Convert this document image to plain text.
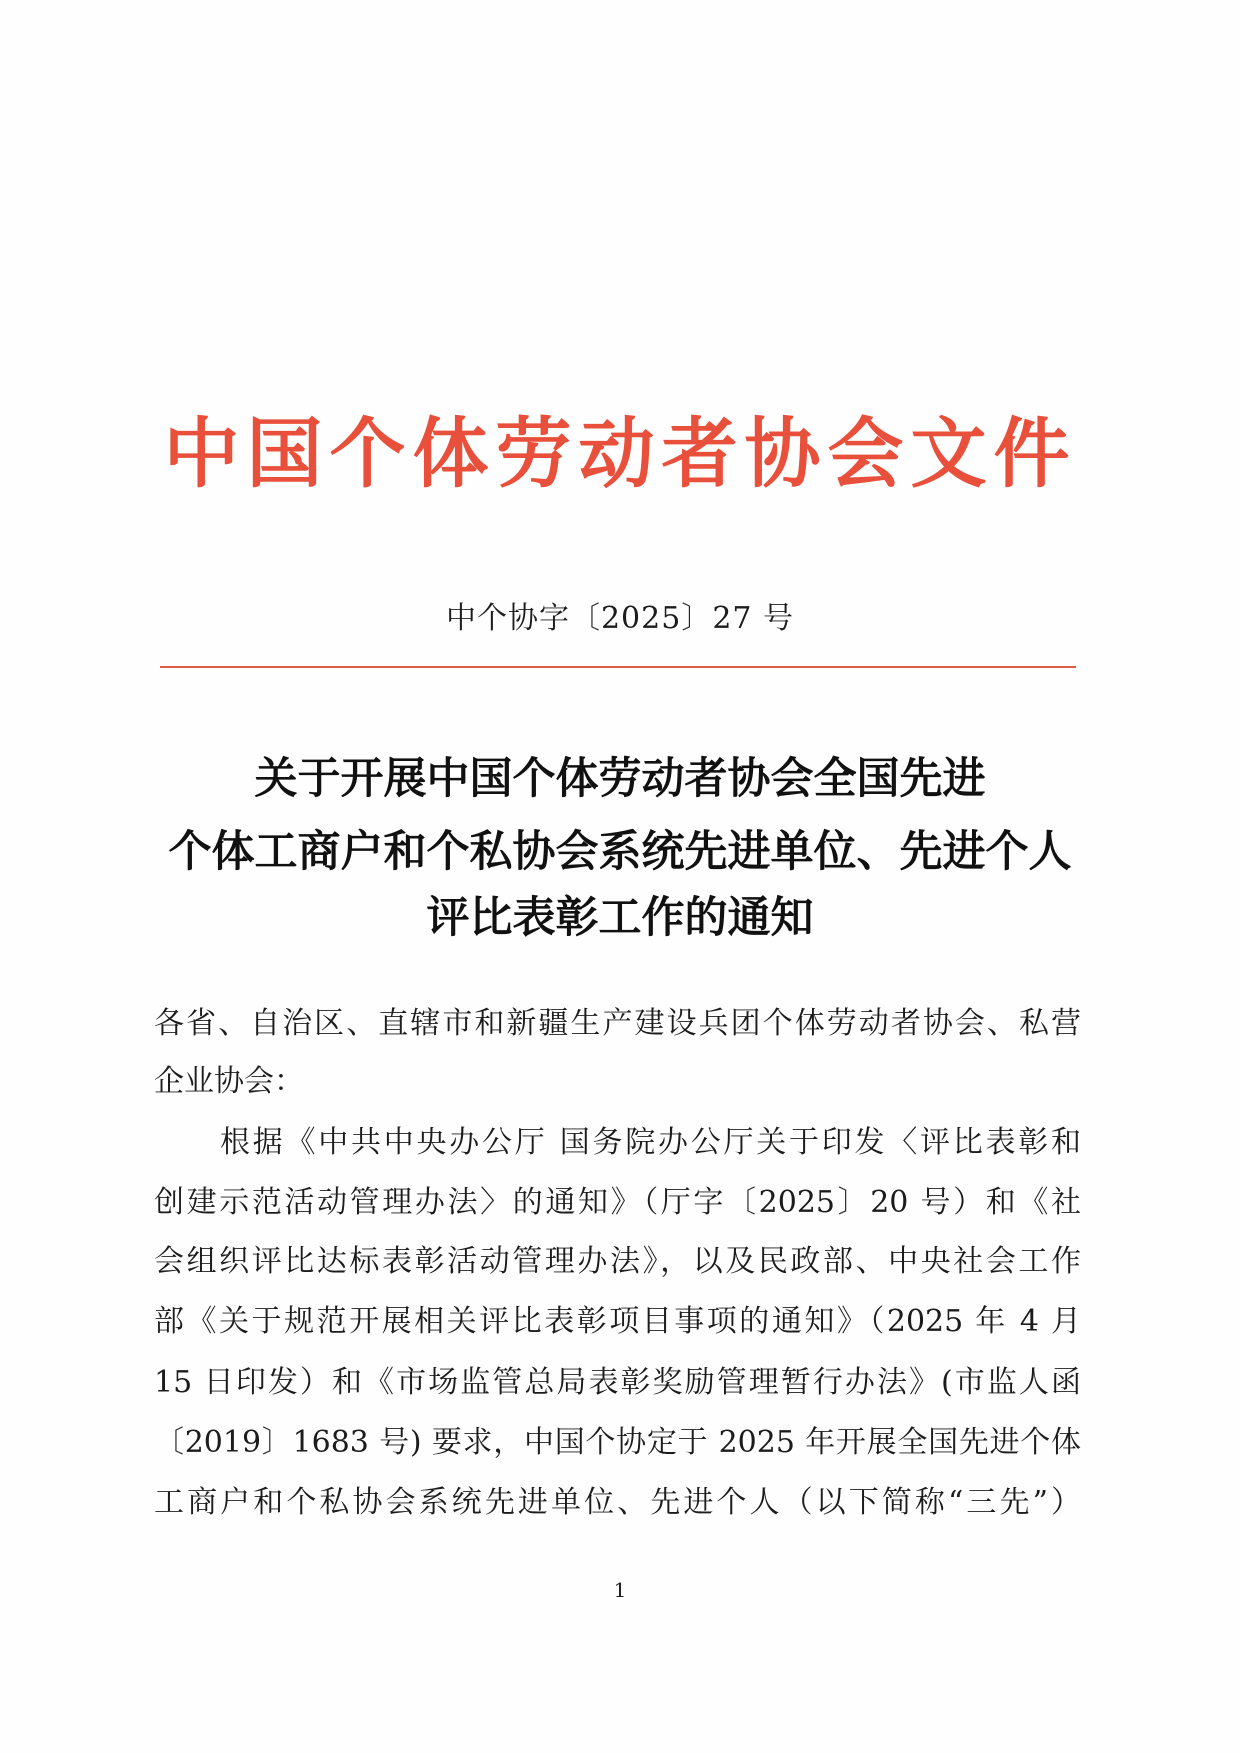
中国个体劳动者协会文件
中个协字〔2025〕27 号
关于开展中国个体劳动者协会全国先进
个体工商户和个私协会系统先进单位、先进个人
评比表彰工作的通知
各省、自治区、直辖市和新疆生产建设兵团个体劳动者协会、私营
企业协会：
根据《中共中央办公厅 国务院办公厅关于印发〈评比表彰和
创建示范活动管理办法〉的通知》（厅字〔2025〕20 号）和《社
会组织评比达标表彰活动管理办法》，以及民政部、中央社会工作
部《关于规范开展相关评比表彰项目事项的通知》（2025 年 4 月
15 日印发）和《市场监管总局表彰奖励管理暂行办法》(市监人函
〔2019〕1683 号) 要求，中国个协定于 2025 年开展全国先进个体
工商户和个私协会系统先进单位、先进个人（以下简称“三先”）
1
